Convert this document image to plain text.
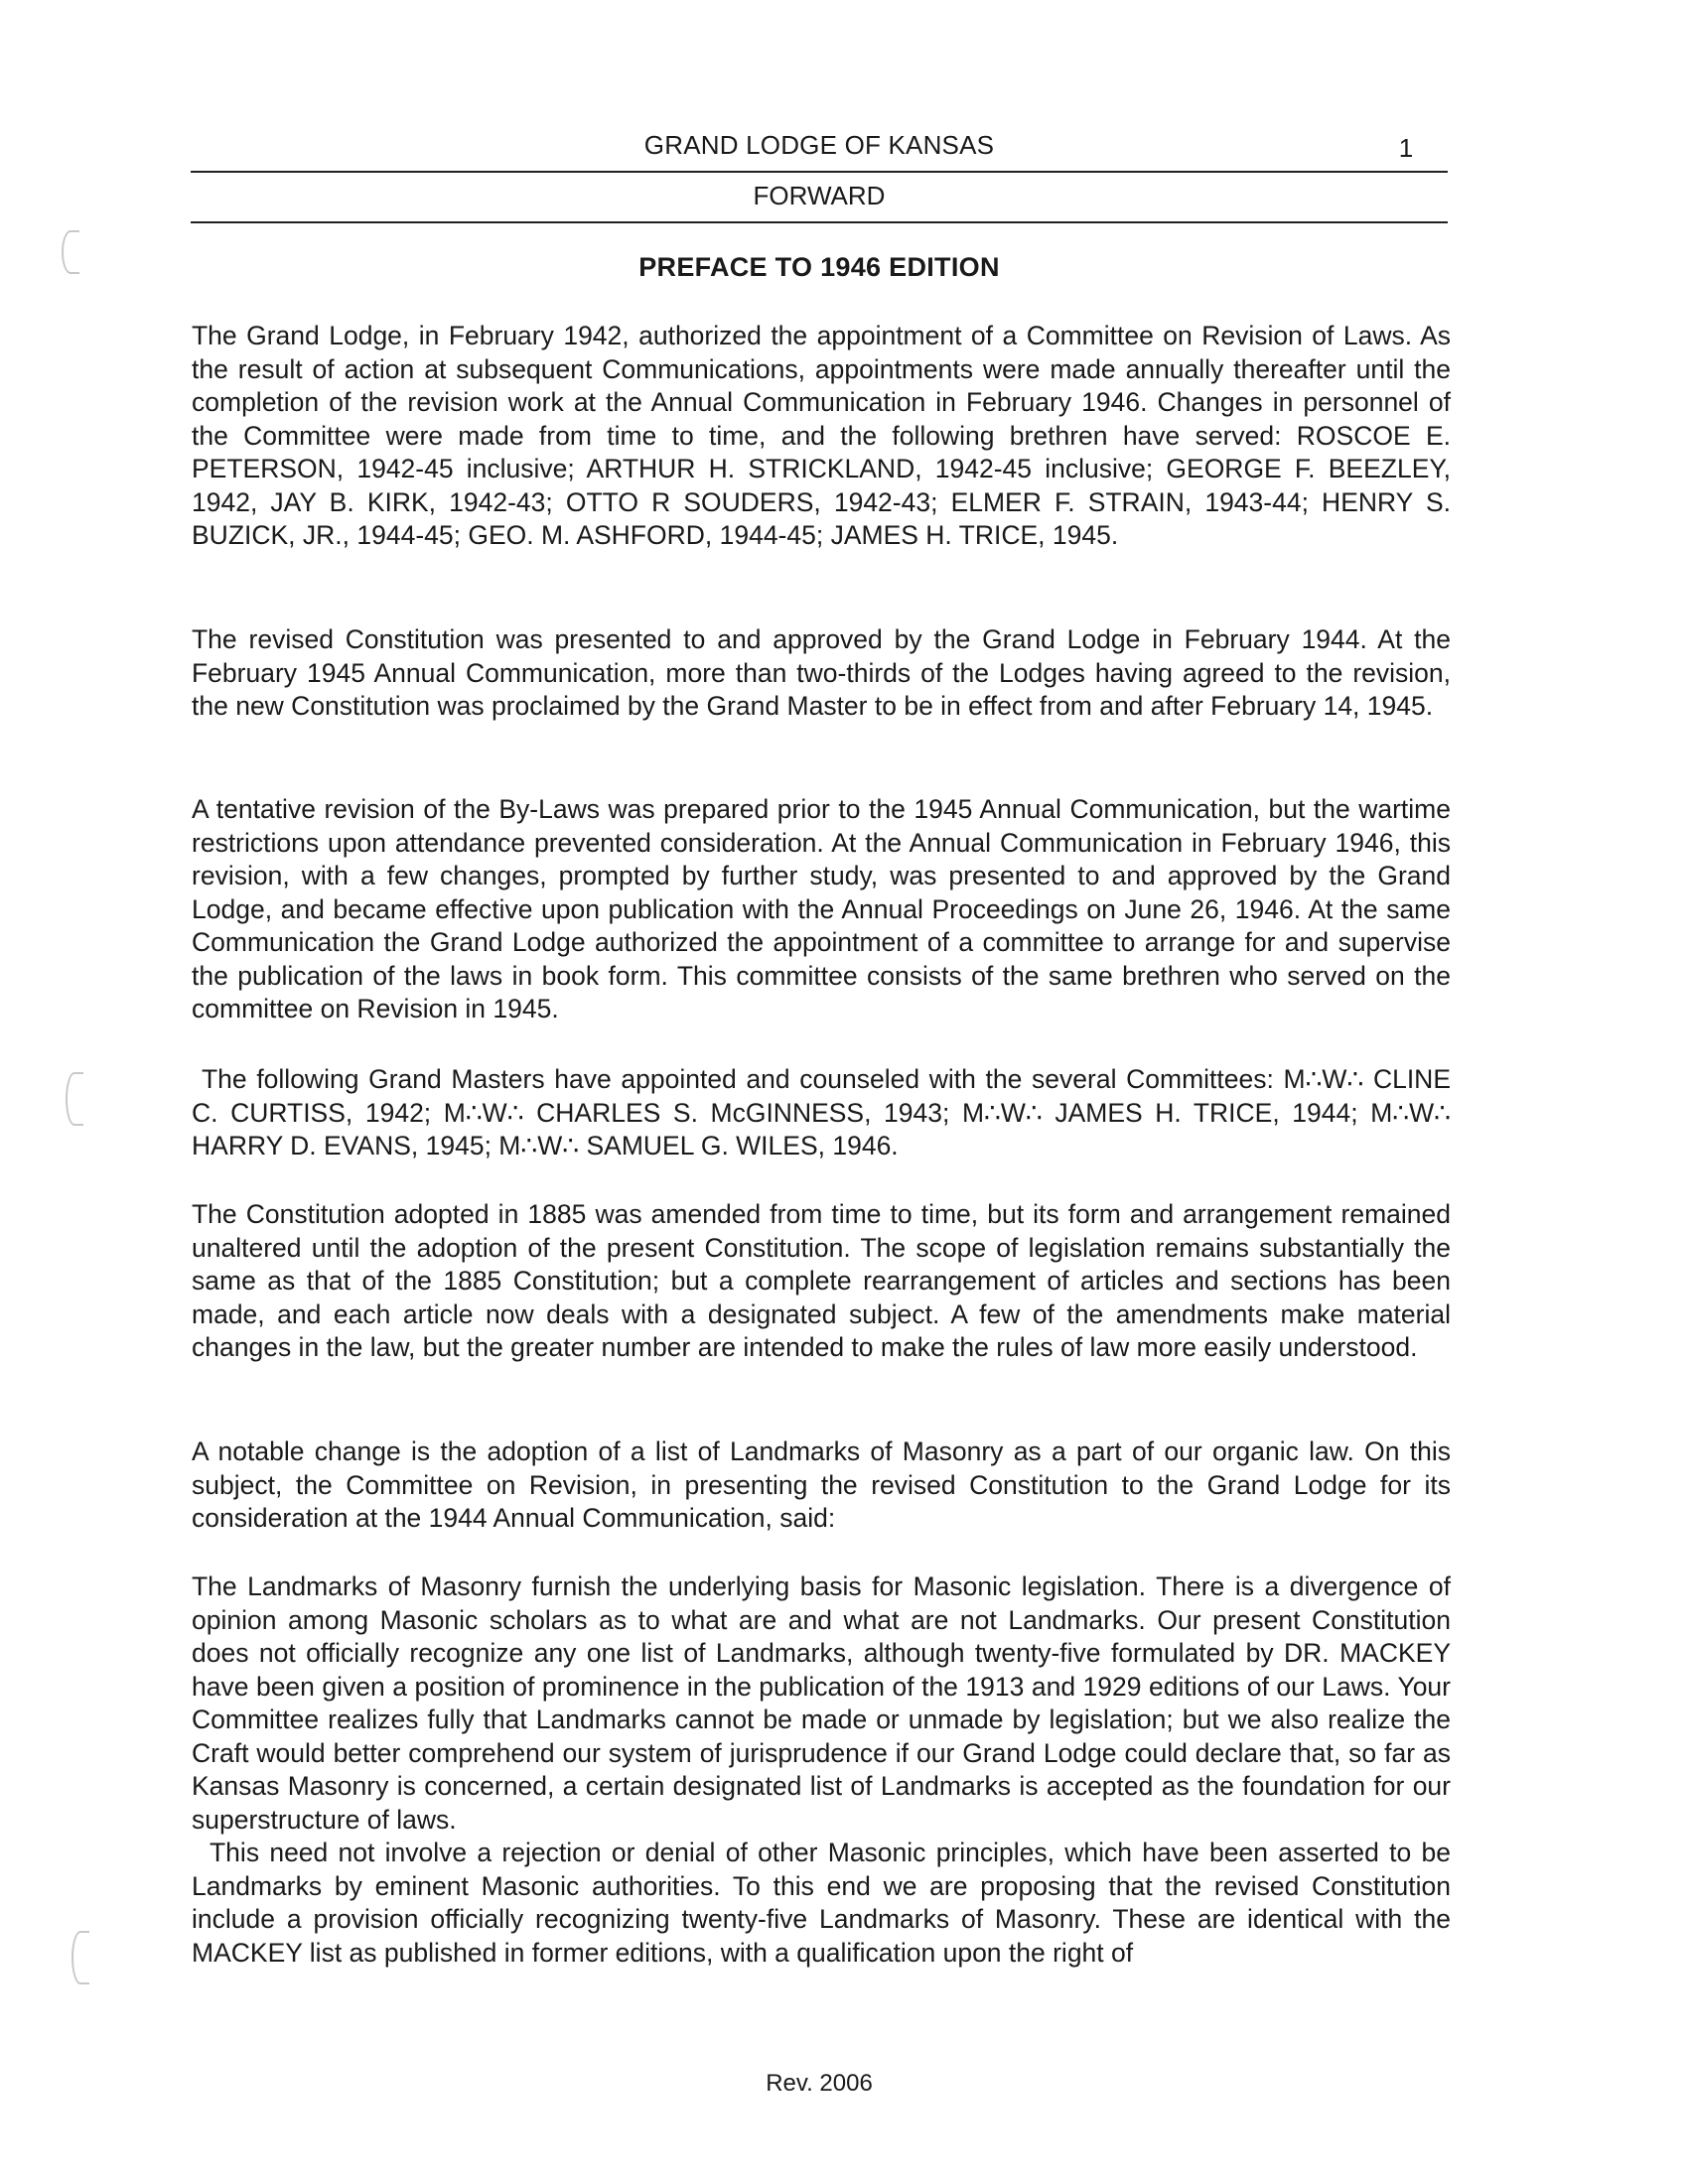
GRAND LODGE OF KANSAS	1
FORWARD
PREFACE TO 1946 EDITION

The Grand Lodge, in February 1942, authorized the appointment of a Committee on Revision of Laws. As the result of action at subsequent Communications, appointments were made annually thereafter until the completion of the revision work at the Annual Communication in February 1946. Changes in personnel of the Committee were made from time to time, and the following brethren have served: ROSCOE E. PETERSON, 1942-45 inclusive; ARTHUR H. STRICKLAND, 1942-45 inclusive; GEORGE F. BEEZLEY, 1942, JAY B. KIRK, 1942-43; OTTO R SOUDERS, 1942-43; ELMER F. STRAIN, 1943-44; HENRY S. BUZICK, JR., 1944-45; GEO. M. ASHFORD, 1944-45; JAMES H. TRICE, 1945.

The revised Constitution was presented to and approved by the Grand Lodge in February 1944. At the February 1945 Annual Communication, more than two-thirds of the Lodges having agreed to the revision, the new Constitution was proclaimed by the Grand Master to be in effect from and after February 14, 1945.

A tentative revision of the By-Laws was prepared prior to the 1945 Annual Communication, but the wartime restrictions upon attendance prevented consideration. At the Annual Communication in February 1946, this revision, with a few changes, prompted by further study, was presented to and approved by the Grand Lodge, and became effective upon publication with the Annual Proceedings on June 26, 1946. At the same Communication the Grand Lodge authorized the appointment of a committee to arrange for and supervise the publication of the laws in book form. This committee consists of the same brethren who served on the committee on Revision in 1945.

The following Grand Masters have appointed and counseled with the several Committees: M∴W∴ CLINE C. CURTISS, 1942; M∴W∴ CHARLES S. McGINNESS, 1943; M∴W∴ JAMES H. TRICE, 1944; M∴W∴ HARRY D. EVANS, 1945; M∴W∴ SAMUEL G. WILES, 1946.

The Constitution adopted in 1885 was amended from time to time, but its form and arrangement remained unaltered until the adoption of the present Constitution. The scope of legislation remains substantially the same as that of the 1885 Constitution; but a complete rearrangement of articles and sections has been made, and each article now deals with a designated subject. A few of the amendments make material changes in the law, but the greater number are intended to make the rules of law more easily understood.

A notable change is the adoption of a list of Landmarks of Masonry as a part of our organic law. On this subject, the Committee on Revision, in presenting the revised Constitution to the Grand Lodge for its consideration at the 1944 Annual Communication, said:

The Landmarks of Masonry furnish the underlying basis for Masonic legislation. There is a divergence of opinion among Masonic scholars as to what are and what are not Landmarks. Our present Constitution does not officially recognize any one list of Landmarks, although twenty-five formulated by DR. MACKEY have been given a position of prominence in the publication of the 1913 and 1929 editions of our Laws. Your Committee realizes fully that Landmarks cannot be made or unmade by legislation; but we also realize the Craft would better comprehend our system of jurisprudence if our Grand Lodge could declare that, so far as Kansas Masonry is concerned, a certain designated list of Landmarks is accepted as the foundation for our superstructure of laws.

This need not involve a rejection or denial of other Masonic principles, which have been asserted to be Landmarks by eminent Masonic authorities. To this end we are proposing that the revised Constitution include a provision officially recognizing twenty-five Landmarks of Masonry. These are identical with the MACKEY list as published in former editions, with a qualification upon the right of

Rev. 2006
